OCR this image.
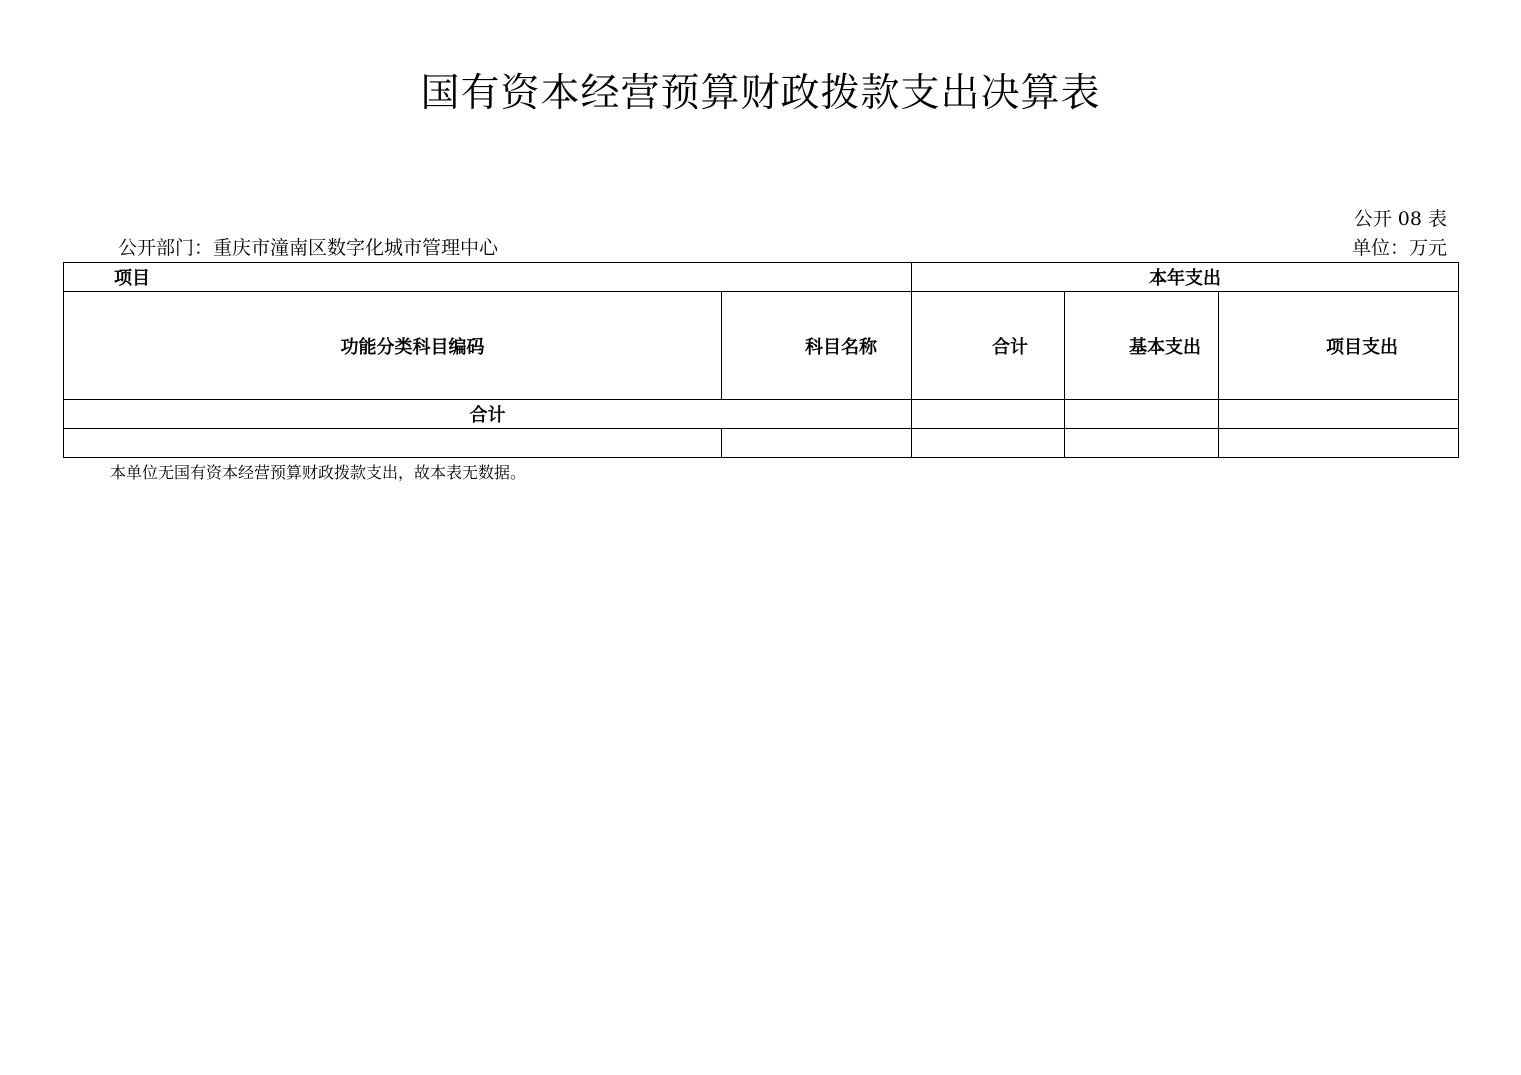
国有资本经营预算财政拨款支出决算表
公开 08 表
公开部门：重庆市潼南区数字化城市管理中心	单位：万元
项目		本年支出		
功能分类科目编码	科目名称	合计	基本支出	项目支出
合计				

本单位无国有资本经营预算财政拨款支出，故本表无数据。
